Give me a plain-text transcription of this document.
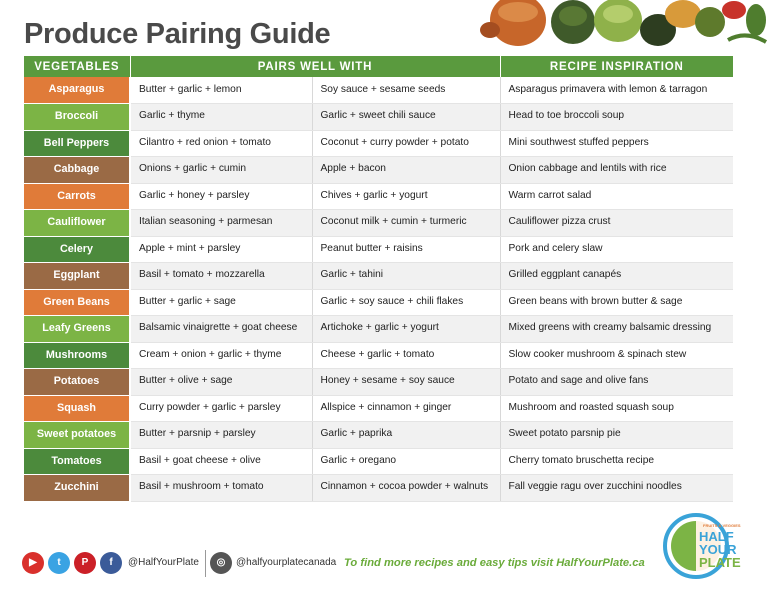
Produce Pairing Guide
VEGETABLES	PAIRS WELL WITH		RECIPE INSPIRATION
Asparagus	Butter + garlic + lemon	Soy sauce + sesame seeds	Asparagus primavera with lemon & tarragon
Broccoli	Garlic + thyme	Garlic + sweet chili sauce	Head to toe broccoli soup
Bell Peppers	Cilantro + red onion + tomato	Coconut + curry powder + potato	Mini southwest stuffed peppers
Cabbage	Onions + garlic + cumin	Apple + bacon	Onion cabbage and lentils with rice
Carrots	Garlic + honey + parsley	Chives + garlic + yogurt	Warm carrot salad
Cauliflower	Italian seasoning + parmesan	Coconut milk + cumin + turmeric	Cauliflower pizza crust
Celery	Apple + mint + parsley	Peanut butter + raisins	Pork and celery slaw
Eggplant	Basil + tomato + mozzarella	Garlic + tahini	Grilled eggplant canapés
Green Beans	Butter + garlic + sage	Garlic + soy sauce + chili flakes	Green beans with brown butter & sage
Leafy Greens	Balsamic vinaigrette + goat cheese	Artichoke + garlic + yogurt	Mixed greens with creamy balsamic dressing
Mushrooms	Cream + onion + garlic + thyme	Cheese + garlic + tomato	Slow cooker mushroom & spinach stew
Potatoes	Butter + olive + sage	Honey + sesame + soy sauce	Potato and sage and olive fans
Squash	Curry powder + garlic + parsley	Allspice + cinnamon + ginger	Mushroom and roasted squash soup
Sweet potatoes	Butter + parsnip + parsley	Garlic + paprika	Sweet potato parsnip pie
Tomatoes	Basil + goat cheese + olive	Garlic + oregano	Cherry tomato bruschetta recipe
Zucchini	Basil + mushroom + tomato	Cinnamon + cocoa powder + walnuts	Fall veggie ragu over zucchini noodles
▶	t	P	f	@HalfYourPlate	◎	@halfyourplatecanada To find more recipes and easy tips visit HalfYourPlate.ca
FRUITS & VEGGIES
HALF
YOUR
PLATE
